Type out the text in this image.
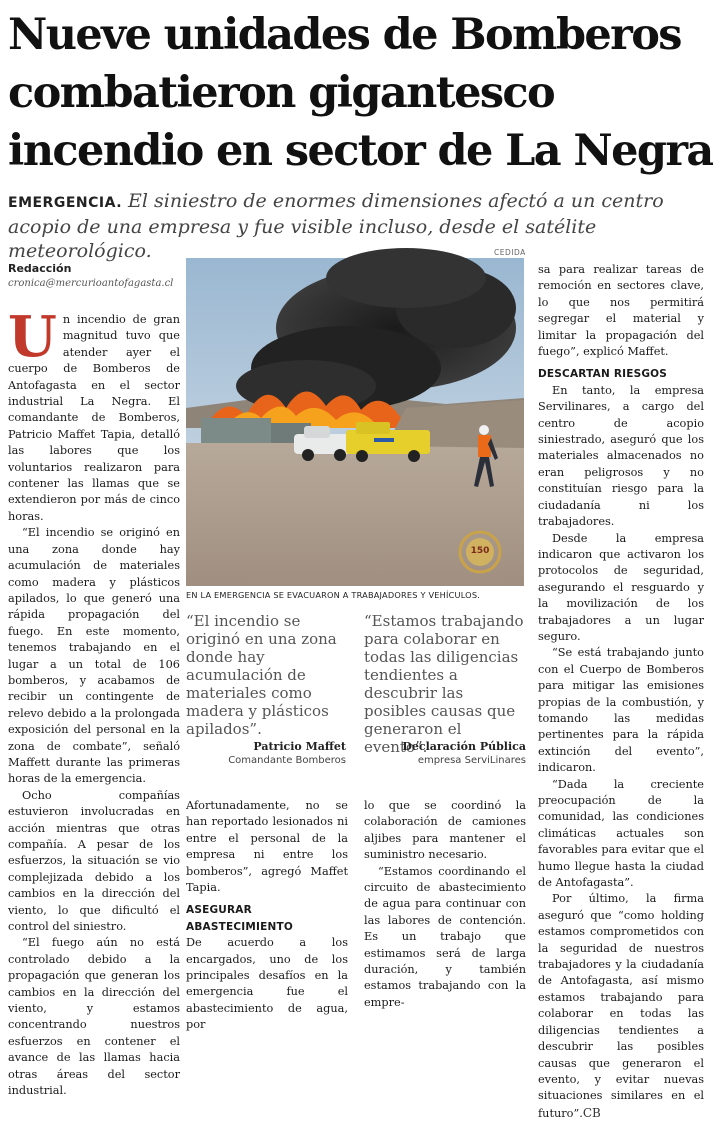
Nueve unidades de Bomberos
combatieron gigantesco
incendio en sector de La Negra
EMERGENCIA. El siniestro de enormes dimensiones afectó a un centro acopio de una empresa y fue visible incluso, desde el satélite meteorológico.
Redacción
cronica@mercurioantofagasta.cl

Un incendio de gran magnitud tuvo que atender ayer el cuerpo de Bomberos de Antofagasta en el sector industrial La Negra. El comandante de Bomberos, Patricio Maffet Tapia, detalló las labores que los voluntarios realizaron para contener las llamas que se extendieron por más de cinco horas.

“El incendio se originó en una zona donde hay acumulación de materiales como madera y plásticos apilados, lo que generó una rápida propagación del fuego. En este momento, tenemos trabajando en el lugar a un total de 106 bomberos, y acabamos de recibir un contingente de relevo debido a la prolongada exposición del personal en la zona de combate”, señaló Maffett durante las primeras horas de la emergencia.

Ocho compañías estuvieron involucradas en acción mientras que otras compañía. A pesar de los esfuerzos, la situación se vio complejizada debido a los cambios en la dirección del viento, lo que dificultó el control del siniestro.

“El fuego aún no está controlado debido a la propagación que generan los cambios en la dirección del viento, y estamos concentrando nuestros esfuerzos en contener el avance de las llamas hacia otras áreas del sector industrial.

CEDIDA
150
EN LA EMERGENCIA SE EVACUARON A TRABAJADORES Y VEHÍCULOS.
“El incendio se originó en una zona donde hay acumulación de materiales como madera y plásticos apilados”.
Patricio Maffet
Comandante Bomberos
“Estamos trabajando para colaborar en todas las diligencias tendientes a descubrir las posibles causas que generaron el evento”.
Declaración Pública
empresa ServiLinares

Afortunadamente, no se han reportado lesionados ni entre el personal de la empresa ni entre los bomberos”, agregó Maffet Tapia.

ASEGURAR ABASTECIMIENTO

De acuerdo a los encargados, uno de los principales desafíos en la emergencia fue el abastecimiento de agua, por

lo que se coordinó la colaboración de camiones aljibes para mantener el suministro necesario.

“Estamos coordinando el circuito de abastecimiento de agua para continuar con las labores de contención. Es un trabajo que estimamos será de larga duración, y también estamos trabajando con la empre-

sa para realizar tareas de remoción en sectores clave, lo que nos permitirá segregar el material y limitar la propagación del fuego”, explicó Maffet.

DESCARTAN RIESGOS

En tanto, la empresa Servilinares, a cargo del centro de acopio siniestrado, aseguró que los materiales almacenados no eran peligrosos y no constituían riesgo para la ciudadanía ni los trabajadores.

Desde la empresa indicaron que activaron los protocolos de seguridad, asegurando el resguardo y la movilización de los trabajadores a un lugar seguro.

“Se está trabajando junto con el Cuerpo de Bomberos para mitigar las emisiones propias de la combustión, y tomando las medidas pertinentes para la rápida extinción del evento”, indicaron.

“Dada la creciente preocupación de la comunidad, las condiciones climáticas actuales son favorables para evitar que el humo llegue hasta la ciudad de Antofagasta”.

Por último, la firma aseguró que “como holding estamos comprometidos con la seguridad de nuestros trabajadores y la ciudadanía de Antofagasta, así mismo estamos trabajando para colaborar en todas las diligencias tendientes a descubrir las posibles causas que generaron el evento, y evitar nuevas situaciones similares en el futuro”.CB
